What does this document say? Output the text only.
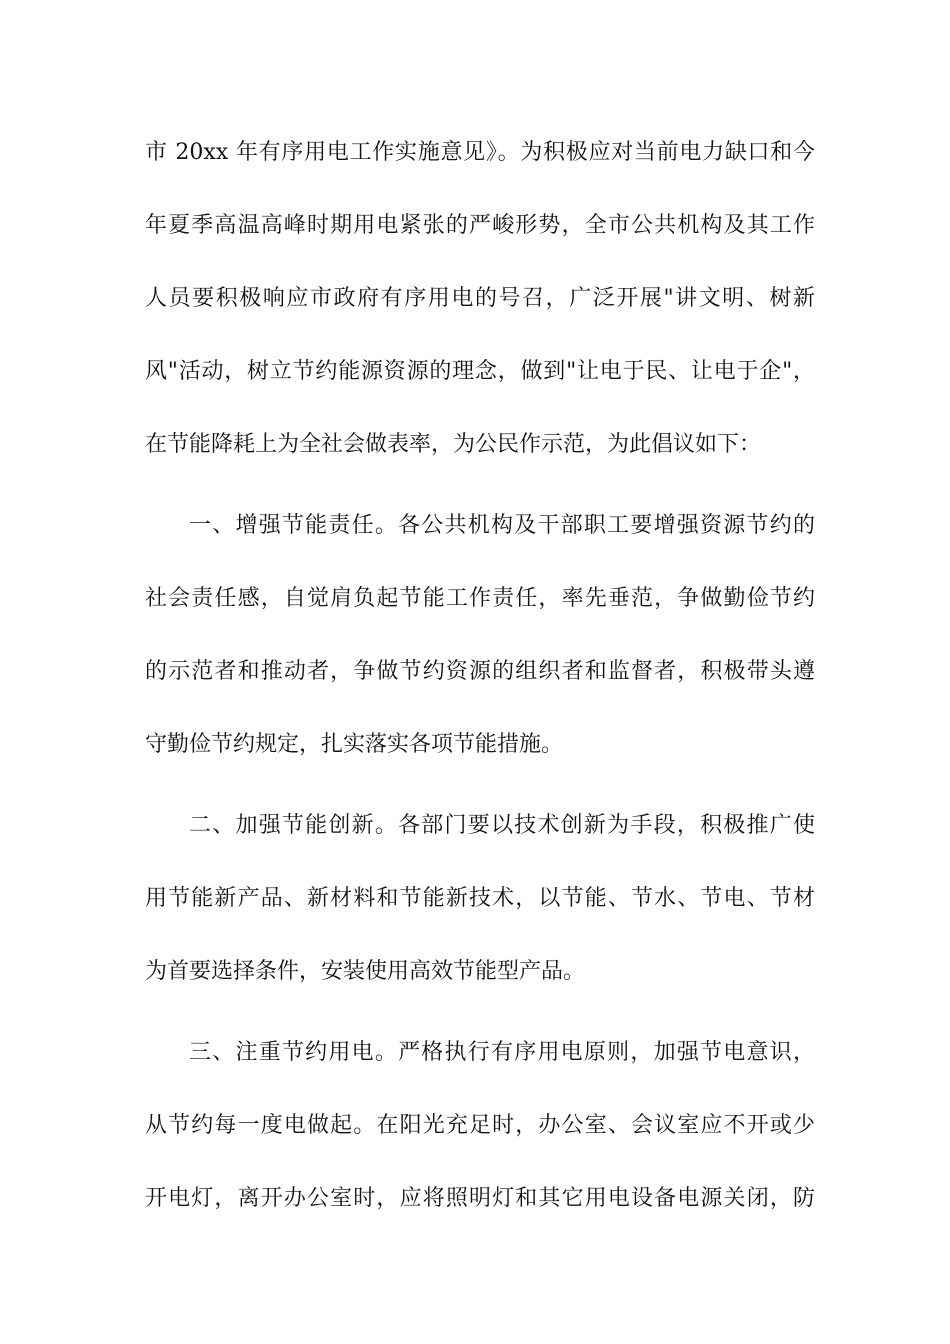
市 20xx 年有序用电工作实施意见》。为积极应对当前电力缺口和今
年夏季高温高峰时期用电紧张的严峻形势，全市公共机构及其工作
人员要积极响应市政府有序用电的号召，广泛开展"讲文明、树新
风"活动，树立节约能源资源的理念，做到"让电于民、让电于企"，
在节能降耗上为全社会做表率，为公民作示范，为此倡议如下：
一、增强节能责任。各公共机构及干部职工要增强资源节约的
社会责任感，自觉肩负起节能工作责任，率先垂范，争做勤俭节约
的示范者和推动者，争做节约资源的组织者和监督者，积极带头遵
守勤俭节约规定，扎实落实各项节能措施。
二、加强节能创新。各部门要以技术创新为手段，积极推广使
用节能新产品、新材料和节能新技术，以节能、节水、节电、节材
为首要选择条件，安装使用高效节能型产品。
三、注重节约用电。严格执行有序用电原则，加强节电意识，
从节约每一度电做起。在阳光充足时，办公室、会议室应不开或少
开电灯，离开办公室时，应将照明灯和其它用电设备电源关闭，防
